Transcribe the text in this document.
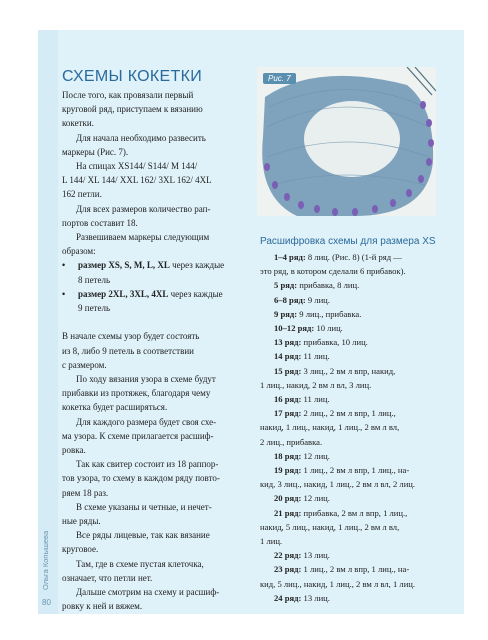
Ольга Копышева
80
СХЕМЫ КОКЕТКИ

После того, как провязали первый

круговой ряд, приступаем к вязанию

кокетки.

Для начала необходимо развесить

маркеры (Рис. 7).

На спицах XS144/ S144/ M 144/

L 144/ XL 144/ XXL 162/ 3XL 162/ 4XL

162 петли.

Для всех размеров количество рап-

портов составит 18.

Развешиваем маркеры следующим

образом:

•	размер XS, S, M, L, XL через каждые

8 петель

•	размер 2XL, 3XL, 4XL через каждые

9 петель

В начале схемы узор будет состоять

из 8, либо 9 петель в соответствии

с размером.

По ходу вязания узора в схеме будут

прибавки из протяжек, благодаря чему

кокетка будет расширяться.

Для каждого размера будет своя схе-

ма узора. К схеме прилагается расшиф-

ровка.

Так как свитер состоит из 18 раппор-

тов узора, то схему в каждом ряду повто-

ряем 18 раз.

В схеме указаны и четные, и нечет-

ные ряды.

Все ряды лицевые, так как вязание

круговое.

Там, где в схеме пустая клеточка,

означает, что петли нет.

Дальше смотрим на схему и расшиф-

ровку к ней и вяжем.

Рис. 7

Расшифровка схемы для размера XS

1–4 ряд: 8 лиц. (Рис. 8) (1-й ряд —

это ряд, в котором сделали 6 прибавок).

5 ряд: прибавка, 8 лиц.

6–8 ряд: 9 лиц.

9 ряд: 9 лиц., прибавка.

10–12 ряд: 10 лиц.

13 ряд: прибавка, 10 лиц.

14 ряд: 11 лиц.

15 ряд: 3 лиц., 2 вм л впр, накид,

1 лиц., накид, 2 вм л вл, 3 лиц.

16 ряд: 11 лиц.

17 ряд: 2 лиц., 2 вм л впр, 1 лиц.,

накид, 1 лиц., накид, 1 лиц., 2 вм л вл,

2 лиц., прибавка.

18 ряд: 12 лиц.

19 ряд: 1 лиц., 2 вм л впр, 1 лиц., на-

кид, 3 лиц., накид, 1 лиц., 2 вм л вл, 2 лиц.

20 ряд: 12 лиц.

21 ряд: прибавка, 2 вм л впр, 1 лиц.,

накид, 5 лиц., накид, 1 лиц., 2 вм л вл,

1 лиц.

22 ряд: 13 лиц.

23 ряд: 1 лиц., 2 вм л впр, 1 лиц., на-

кид, 5 лиц., накид, 1 лиц., 2 вм л вл, 1 лиц.

24 ряд: 13 лиц.
